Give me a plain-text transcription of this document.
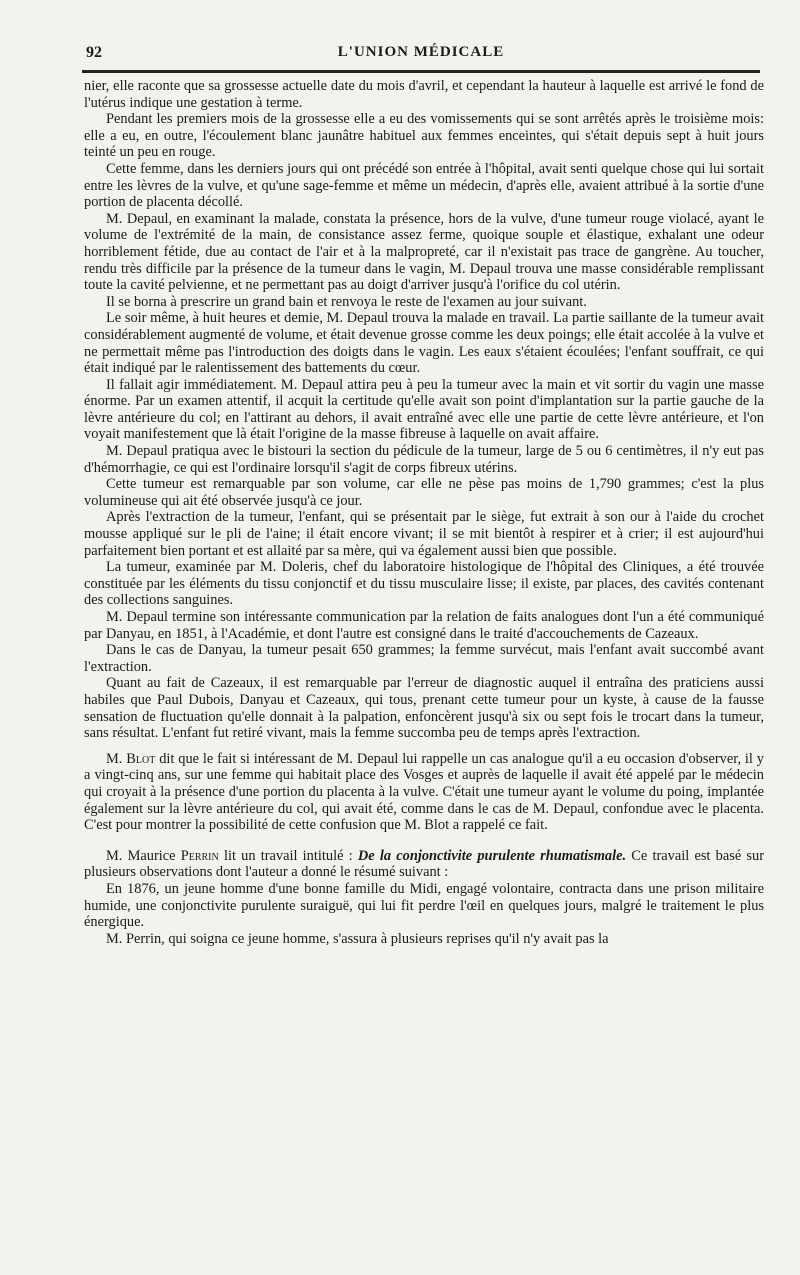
92	L'UNION MÉDICALE

nier, elle raconte que sa grossesse actuelle date du mois d'avril, et cependant la hauteur à laquelle est arrivé le fond de l'utérus indique une gestation à terme.

Pendant les premiers mois de la grossesse elle a eu des vomissements qui se sont arrêtés après le troisième mois: elle a eu, en outre, l'écoulement blanc jaunâtre habituel aux femmes enceintes, qui s'était depuis sept à huit jours teinté un peu en rouge.

Cette femme, dans les derniers jours qui ont précédé son entrée à l'hôpital, avait senti quelque chose qui lui sortait entre les lèvres de la vulve, et qu'une sage-femme et même un médecin, d'après elle, avaient attribué à la sortie d'une portion de placenta décollé.

M. Depaul, en examinant la malade, constata la présence, hors de la vulve, d'une tumeur rouge violacé, ayant le volume de l'extrémité de la main, de consistance assez ferme, quoique souple et élastique, exhalant une odeur horriblement fétide, due au contact de l'air et à la malpropreté, car il n'existait pas trace de gangrène. Au toucher, rendu très difficile par la présence de la tumeur dans le vagin, M. Depaul trouva une masse considérable remplissant toute la cavité pelvienne, et ne permettant pas au doigt d'arriver jusqu'à l'orifice du col utérin.

Il se borna à prescrire un grand bain et renvoya le reste de l'examen au jour suivant.

Le soir même, à huit heures et demie, M. Depaul trouva la malade en travail. La partie saillante de la tumeur avait considérablement augmenté de volume, et était devenue grosse comme les deux poings; elle était accolée à la vulve et ne permettait même pas l'introduction des doigts dans le vagin. Les eaux s'étaient écoulées; l'enfant souffrait, ce qui était indiqué par le ralentissement des battements du cœur.

Il fallait agir immédiatement. M. Depaul attira peu à peu la tumeur avec la main et vit sortir du vagin une masse énorme. Par un examen attentif, il acquit la certitude qu'elle avait son point d'implantation sur la partie gauche de la lèvre antérieure du col; en l'attirant au dehors, il avait entraîné avec elle une partie de cette lèvre antérieure, et l'on voyait manifestement que là était l'origine de la masse fibreuse à laquelle on avait affaire.

M. Depaul pratiqua avec le bistouri la section du pédicule de la tumeur, large de 5 ou 6 centimètres, il n'y eut pas d'hémorrhagie, ce qui est l'ordinaire lorsqu'il s'agit de corps fibreux utérins.

Cette tumeur est remarquable par son volume, car elle ne pèse pas moins de 1,790 grammes; c'est la plus volumineuse qui ait été observée jusqu'à ce jour.

Après l'extraction de la tumeur, l'enfant, qui se présentait par le siège, fut extrait à son our à l'aide du crochet mousse appliqué sur le pli de l'aine; il était encore vivant; il se mit bientôt à respirer et à crier; il est aujourd'hui parfaitement bien portant et est allaité par sa mère, qui va également aussi bien que possible.

La tumeur, examinée par M. Doleris, chef du laboratoire histologique de l'hôpital des Cliniques, a été trouvée constituée par les éléments du tissu conjonctif et du tissu musculaire lisse; il existe, par places, des cavités contenant des collections sanguines.

M. Depaul termine son intéressante communication par la relation de faits analogues dont l'un a été communiqué par Danyau, en 1851, à l'Académie, et dont l'autre est consigné dans le traité d'accouchements de Cazeaux.

Dans le cas de Danyau, la tumeur pesait 650 grammes; la femme survécut, mais l'enfant avait succombé avant l'extraction.

Quant au fait de Cazeaux, il est remarquable par l'erreur de diagnostic auquel il entraîna des praticiens aussi habiles que Paul Dubois, Danyau et Cazeaux, qui tous, prenant cette tumeur pour un kyste, à cause de la fausse sensation de fluctuation qu'elle donnait à la palpation, enfoncèrent jusqu'à six ou sept fois le trocart dans la tumeur, sans résultat. L'enfant fut retiré vivant, mais la femme succomba peu de temps après l'extraction.

M. Blot dit que le fait si intéressant de M. Depaul lui rappelle un cas analogue qu'il a eu occasion d'observer, il y a vingt-cinq ans, sur une femme qui habitait place des Vosges et auprès de laquelle il avait été appelé par le médecin qui croyait à la présence d'une portion du placenta à la vulve. C'était une tumeur ayant le volume du poing, implantée également sur la lèvre antérieure du col, qui avait été, comme dans le cas de M. Depaul, confondue avec le placenta. C'est pour montrer la possibilité de cette confusion que M. Blot a rappelé ce fait.

M. Maurice Perrin lit un travail intitulé : De la conjonctivite purulente rhumatismale. Ce travail est basé sur plusieurs observations dont l'auteur a donné le résumé suivant :

En 1876, un jeune homme d'une bonne famille du Midi, engagé volontaire, contracta dans une prison militaire humide, une conjonctivite purulente suraiguë, qui lui fit perdre l'œil en quelques jours, malgré le traitement le plus énergique.

M. Perrin, qui soigna ce jeune homme, s'assura à plusieurs reprises qu'il n'y avait pas la
